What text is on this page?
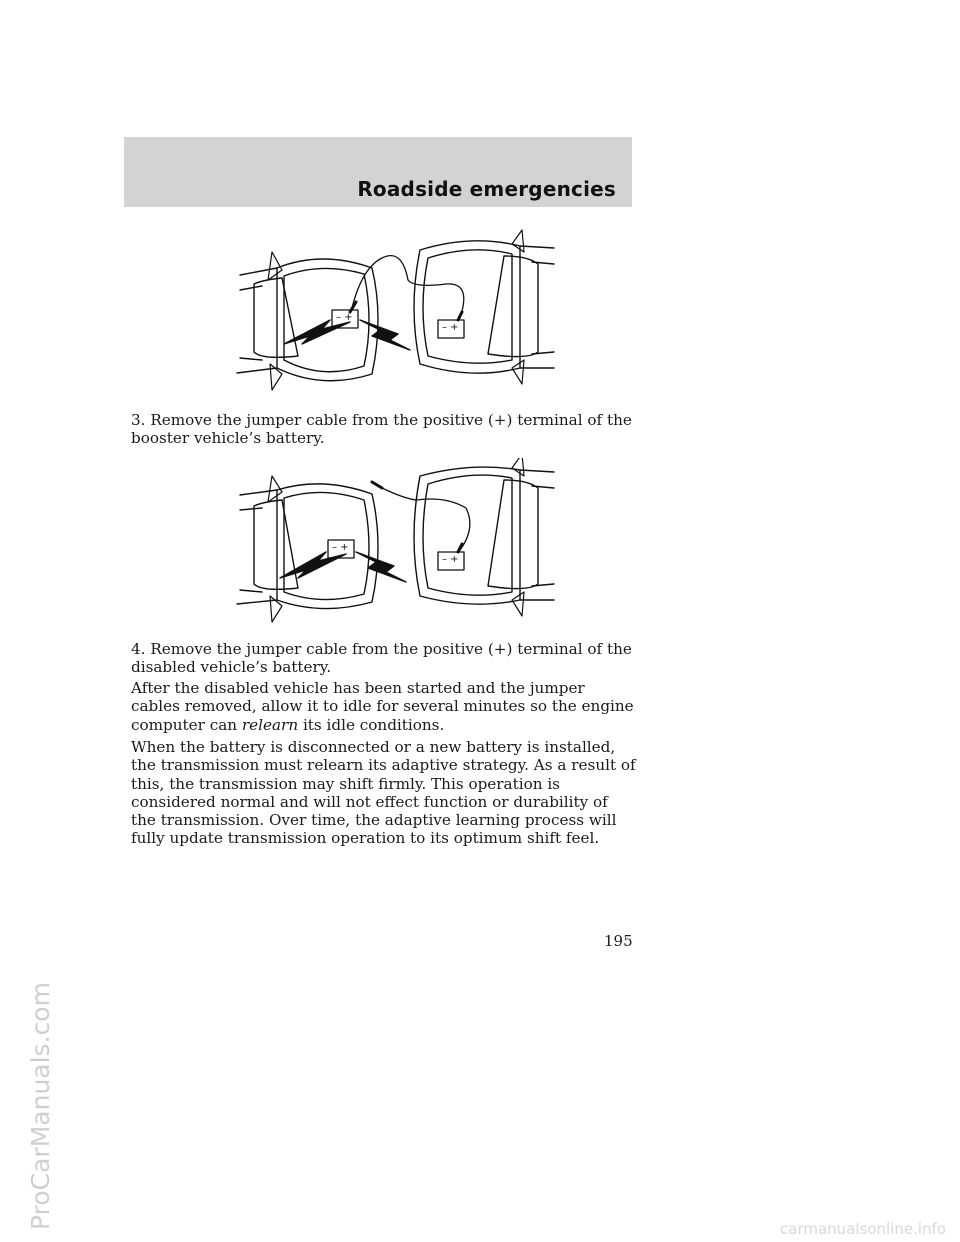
Roadside emergencies
– +
– +

3. Remove the jumper cable from the positive (+) terminal of the booster vehicle’s battery.

– +
– +

4. Remove the jumper cable from the positive (+) terminal of the disabled vehicle’s battery.

After the disabled vehicle has been started and the jumper cables removed, allow it to idle for several minutes so the engine computer can relearn its idle conditions.

When the battery is disconnected or a new battery is installed, the transmission must relearn its adaptive strategy. As a result of this, the transmission may shift firmly. This operation is considered normal and will not effect function or durability of the transmission. Over time, the adaptive learning process will fully update transmission operation to its optimum shift feel.

195

ProCarManuals.com	carmanualsonline.info
